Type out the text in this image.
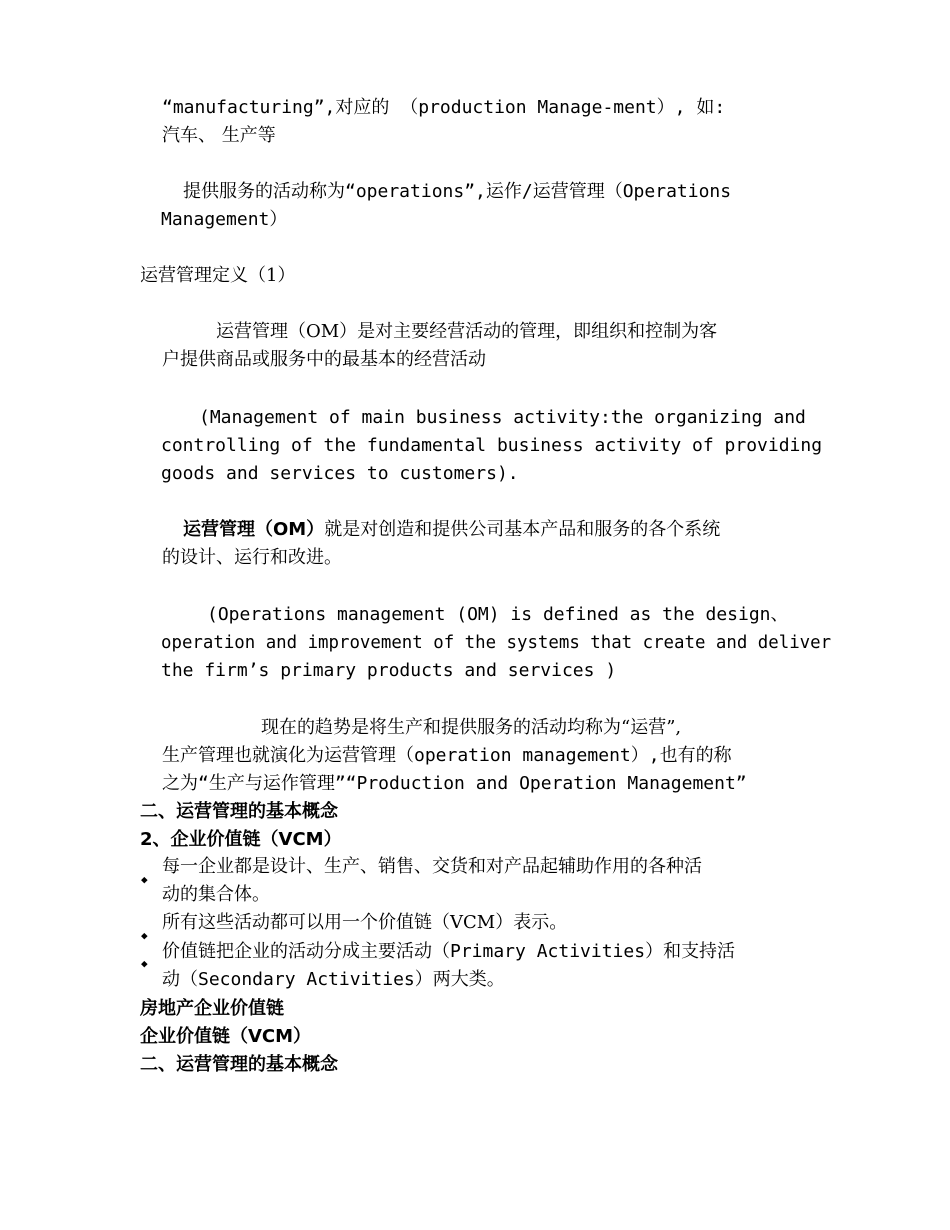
“manufacturing”,对应的 （production Manage-ment）, 如:
汽车、 生产等
提供服务的活动称为“operations”,运作/运营管理（Operations
Management）
运营管理定义（1）
运营管理（OM）是对主要经营活动的管理，即组织和控制为客
户提供商品或服务中的最基本的经营活动
(Management of main business activity:the organizing and
controlling of the fundamental business activity of providing
goods and services to customers).
运营管理（OM）就是对创造和提供公司基本产品和服务的各个系统
的设计、运行和改进。
(Operations management (OM) is defined as the design、
operation and improvement of the systems that create and deliver
the firm’s primary products and services )
现在的趋势是将生产和提供服务的活动均称为“运营”,
生产管理也就演化为运营管理（operation management）,也有的称
之为“生产与运作管理”“Production and Operation Management”
二、运营管理的基本概念
2、企业价值链（VCM）
◆
每一企业都是设计、生产、销售、交货和对产品起辅助作用的各种活
动的集合体。
◆
所有这些活动都可以用一个价值链（VCM）表示。
◆
价值链把企业的活动分成主要活动（Primary Activities）和支持活
动（Secondary Activities）两大类。
房地产企业价值链
企业价值链（VCM）
二、运营管理的基本概念
